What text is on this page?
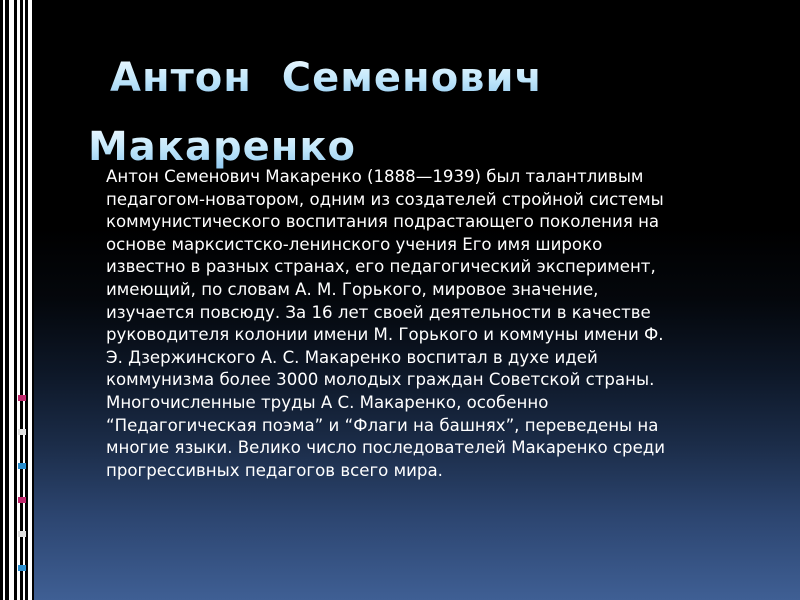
Антон  Семенович
Макаренко

Антон Семенович Макаренко (1888—1939) был талантливым
педагогом-новатором, одним из создателей стройной системы
коммунистического воспитания подрастающего поколения на
основе марксистско-ленинского учения Его имя широко
известно в разных странах, его педагогический эксперимент,
имеющий, по словам А. М. Горького, мировое значение,
изучается повсюду. За 16 лет своей деятельности в качестве
руководителя колонии имени М. Горького и коммуны имени Ф.
Э. Дзержинского А. С. Макаренко воспитал в духе идей
коммунизма более 3000 молодых граждан Советской страны.
Многочисленные труды А С. Макаренко, особенно
“Педагогическая поэма” и “Флаги на башнях”, переведены на
многие языки. Велико число последователей Макаренко среди
прогрессивных педагогов всего мира.
